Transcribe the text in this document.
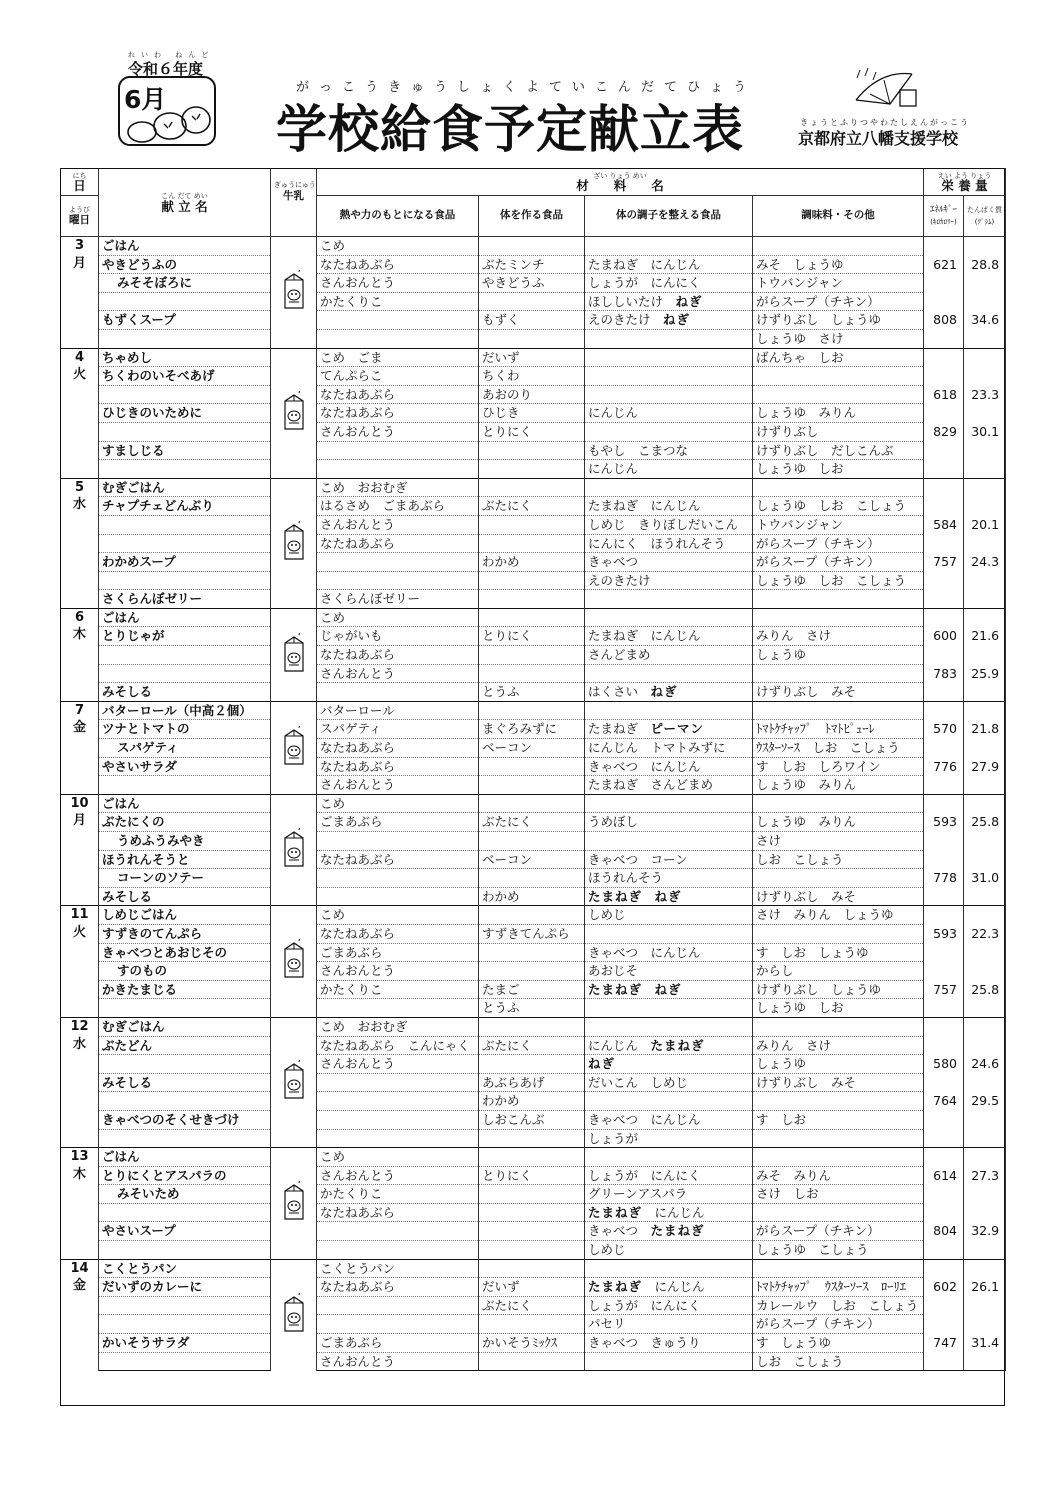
れいわ ねんど
令和６年度
6月	がっこうきゅうしょくよていこんだてひょう
学校給食予定献立表	きょうとふりつやわたしえんがっこう
京都府立八幡支援学校
にち
日	こん だて めい
献 立 名	ぎゅうにゅう
牛乳	ざい りょう めい
材　　料　　名				えい よう りょう
栄 養 量	

ようび
曜日			熱や力のもとになる食品	体を作る食品	体の調子を整える食品	調味料・その他	ｴﾈﾙｷﾞｰ
(ｷﾛｶﾛﾘｰ)	たんぱく質
(ｸﾞﾗﾑ)

3
月	ごはん		こめ					
	やきどうふの		なたねあぶら	ぶたミンチ	たまねぎ　にんじん	みそ　しょうゆ	621	28.8
	みそそぼろに		さんおんとう	やきどうふ	しょうが　にんにく	トウバンジャン		
			かたくりこ		ほししいたけ　 ねぎ	がらスープ（チキン）		
	もずくスープ			もずく	えのきたけ　 ねぎ	けずりぶし　しょうゆ	808	34.6
						しょうゆ　さけ		

4
火	ちゃめし		こめ　ごま	だいず		ばんちゃ　しお		
	ちくわのいそべあげ		てんぷらこ	ちくわ				
			なたねあぶら	あおのり			618	23.3
	ひじきのいために		なたねあぶら	ひじき	にんじん	しょうゆ　みりん		
			さんおんとう	とりにく		けずりぶし	829	30.1
	すましじる				もやし　こまつな	けずりぶし　だしこんぶ		
					にんじん	しょうゆ　しお		

5
水	むぎごはん		こめ　おおむぎ					
	チャプチェどんぶり		はるさめ　ごまあぶら	ぶたにく	たまねぎ　にんじん	しょうゆ　しお　こしょう		
			さんおんとう		しめじ　きりぼしだいこん	トウバンジャン	584	20.1
			なたねあぶら		にんにく　ほうれんそう	がらスープ（チキン）		
	わかめスープ			わかめ	きゃべつ	がらスープ（チキン）	757	24.3
					えのきたけ	しょうゆ　しお　こしょう		
	さくらんぼゼリー		さくらんぼゼリー					

6
木	ごはん		こめ					
	とりじゃが		じゃがいも	とりにく	たまねぎ　にんじん	みりん　さけ	600	21.6
			なたねあぶら		さんどまめ	しょうゆ		
			さんおんとう				783	25.9
	みそしる			とうふ	はくさい　 ねぎ	けずりぶし　みそ		

7
金	バターロール（中高２個）		バターロール					
	ツナとトマトの		スパゲティ	まぐろみずに	たまねぎ　 ピーマン	ﾄﾏﾄｹﾁｬｯﾌﾟ　ﾄﾏﾄﾋﾟｭｰﾚ	570	21.8
	スパゲティ		なたねあぶら	ベーコン	にんじん　トマトみずに	ｳｽﾀｰｿｰｽ　しお　こしょう		
	やさいサラダ		なたねあぶら		きゃべつ　にんじん	す　しお　しろワイン	776	27.9
			さんおんとう		たまねぎ　さんどまめ	しょうゆ　みりん		

10
月	ごはん		こめ					
	ぶたにくの		ごまあぶら	ぶたにく	うめぼし	しょうゆ　みりん	593	25.8
	うめふうみやき					さけ		
	ほうれんそうと		なたねあぶら	ベーコン	きゃべつ　コーン	しお　こしょう		
	コーンのソテー				ほうれんそう		778	31.0
	みそしる			わかめ	たまねぎ　 ねぎ	けずりぶし　みそ		

11
火	しめじごはん		こめ		しめじ	さけ　みりん　しょうゆ		
	すずきのてんぷら		なたねあぶら	すずきてんぷら			593	22.3
	きゃべつとあおじその		ごまあぶら		きゃべつ　にんじん	す　しお　しょうゆ		
	すのもの		さんおんとう		あおじそ	からし		
	かきたまじる		かたくりこ	たまご	たまねぎ　 ねぎ	けずりぶし　しょうゆ	757	25.8
				とうふ		しょうゆ　しお		

12
水	むぎごはん		こめ　おおむぎ					
	ぶたどん		なたねあぶら　こんにゃく	ぶたにく	にんじん　 たまねぎ	みりん　さけ		
			さんおんとう		ねぎ	しょうゆ	580	24.6
	みそしる			あぶらあげ	だいこん　しめじ	けずりぶし　みそ		
				わかめ			764	29.5
	きゃべつのそくせきづけ			しおこんぶ	きゃべつ　にんじん	す　しお		
					しょうが			

13
木	ごはん		こめ					
	とりにくとアスパラの		さんおんとう	とりにく	しょうが　にんにく	みそ　みりん	614	27.3
	みそいため		かたくりこ		グリーンアスパラ	さけ　しお		
			なたねあぶら		たまねぎ　 にんじん			
	やさいスープ				きゃべつ　 たまねぎ	がらスープ（チキン）	804	32.9
					しめじ	しょうゆ　こしょう		

14
金	こくとうパン		こくとうパン					
	だいずのカレーに		なたねあぶら	だいず	たまねぎ　 にんじん	ﾄﾏﾄｹﾁｬｯﾌﾟ　ｳｽﾀｰｿｰｽ　ﾛｰﾘｴ	602	26.1
				ぶたにく	しょうが　にんにく	カレールウ　しお　こしょう		
					パセリ	がらスープ（チキン）		
	かいそうサラダ		ごまあぶら	かいそうﾐｯｸｽ	きゃべつ　きゅうり	す　しょうゆ	747	31.4
			さんおんとう			しお　こしょう		
